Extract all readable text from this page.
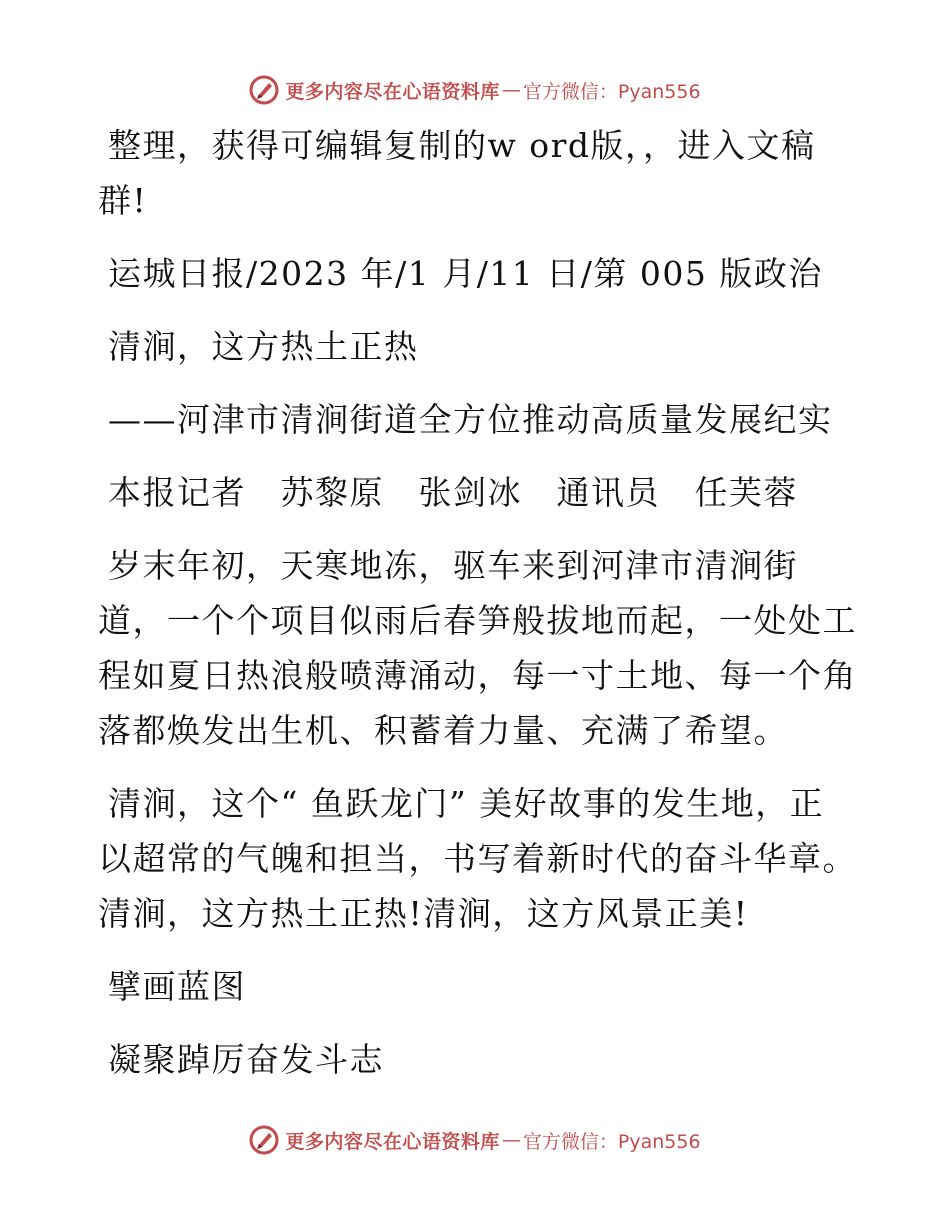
更多内容尽在心语资料库 — 官方微信：Pyan556

整理，获得可编辑复制的w ord版，，进入文稿群!

运城日报/2023 年/1 月/11 日/第 005 版政治

清涧，这方热土正热

——河津市清涧街道全方位推动高质量发展纪实

本报记者　苏黎原　张剑冰　通讯员　任芙蓉

岁末年初，天寒地冻，驱车来到河津市清涧街道，一个个项目似雨后春笋般拔地而起，一处处工程如夏日热浪般喷薄涌动，每一寸土地、每一个角落都焕发出生机、积蓄着力量、充满了希望。

清涧，这个“ 鱼跃龙门” 美好故事的发生地，正以超常的气魄和担当，书写着新时代的奋斗华章。清涧，这方热土正热!清涧，这方风景正美!

擘画蓝图

凝聚踔厉奋发斗志

更多内容尽在心语资料库 — 官方微信：Pyan556
